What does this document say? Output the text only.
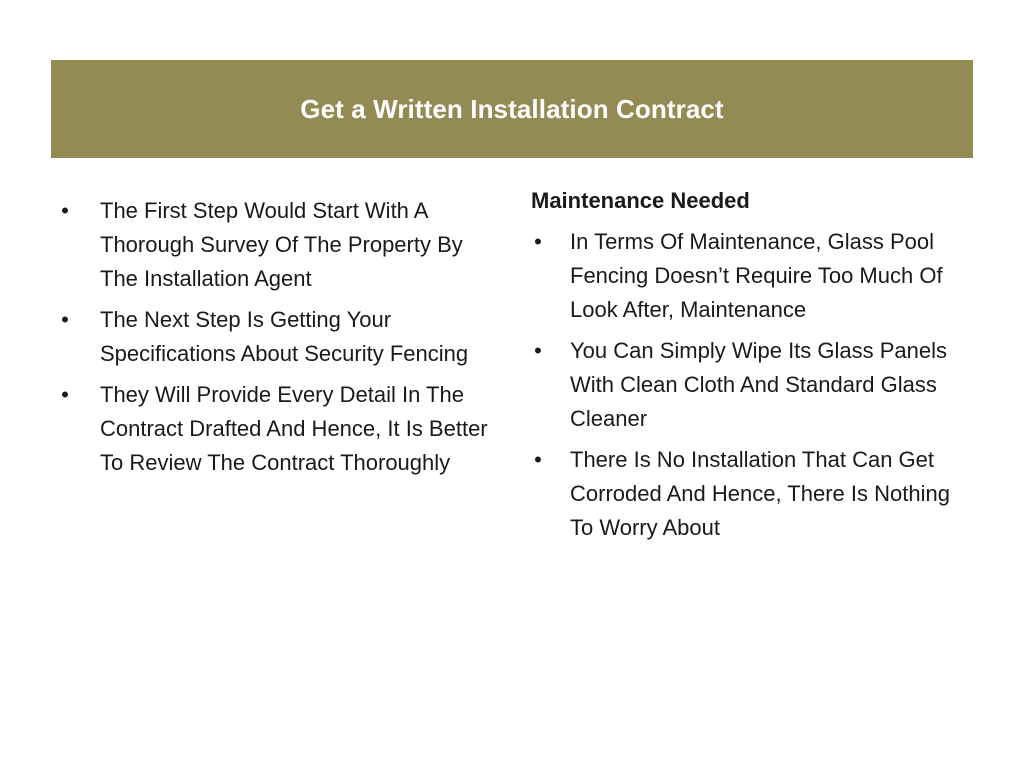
Get a Written Installation Contract
• The First Step Would Start With A Thorough Survey Of The Property By The Installation Agent
• The Next Step Is Getting Your Specifications About Security Fencing
• They Will Provide Every Detail In The Contract Drafted And Hence, It Is Better To Review The Contract Thoroughly
Maintenance Needed
• In Terms Of Maintenance, Glass Pool Fencing Doesn’t Require Too Much Of Look After, Maintenance
• You Can Simply Wipe Its Glass Panels With Clean Cloth And Standard Glass Cleaner
• There Is No Installation That Can Get Corroded And Hence, There Is Nothing To Worry About
